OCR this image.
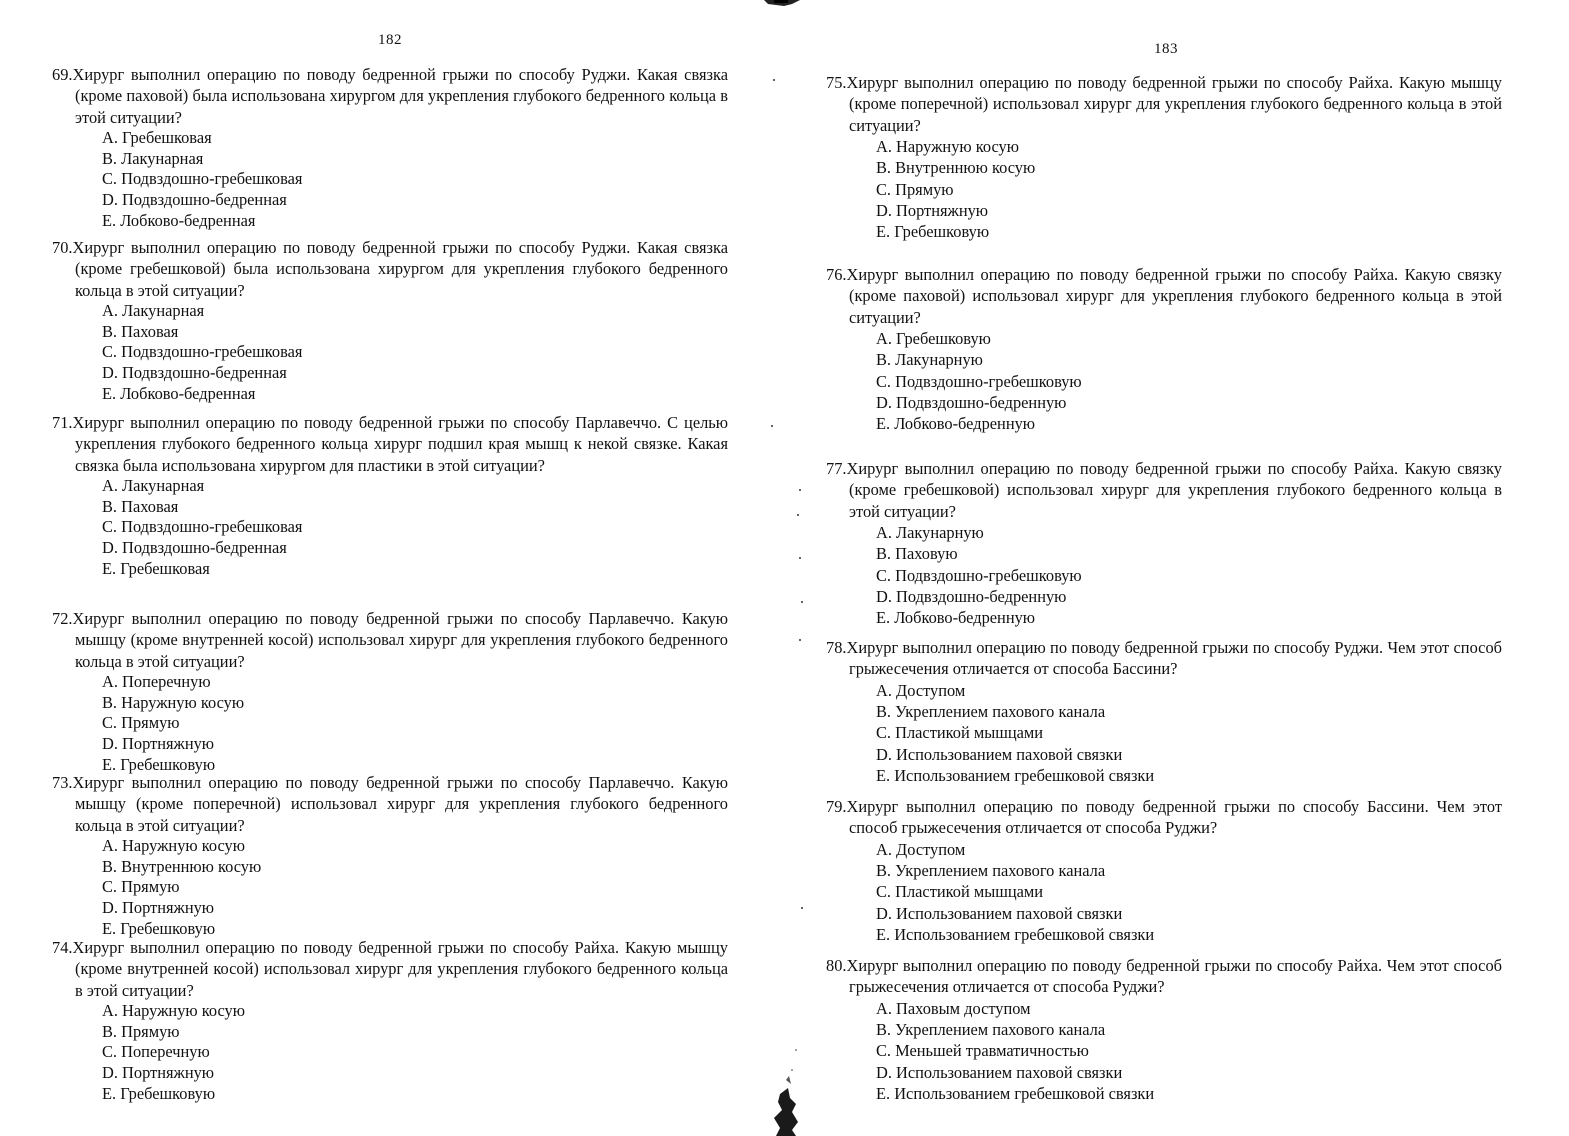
182
69.Хирург выполнил операцию по поводу бедренной грыжи по способу Руджи. Какая связка (кроме паховой) была использована хирургом для укрепления глубокого бедренного кольца в этой ситуации?
A. Гребешковая
B. Лакунарная
C. Подвздошно-гребешковая
D. Подвздошно-бедренная
E. Лобково-бедренная
70.Хирург выполнил операцию по поводу бедренной грыжи по способу Руджи. Какая связка (кроме гребешковой) была использована хирургом для укрепления глубокого бедренного кольца в этой ситуации?
A. Лакунарная
B. Паховая
C. Подвздошно-гребешковая
D. Подвздошно-бедренная
E. Лобково-бедренная
71.Хирург выполнил операцию по поводу бедренной грыжи по способу Парлавеччо. С целью укрепления глубокого бедренного кольца хирург подшил края мышц к некой связке. Какая связка была использована хирургом для пластики в этой ситуации?
A. Лакунарная
B. Паховая
C. Подвздошно-гребешковая
D. Подвздошно-бедренная
E. Гребешковая
72.Хирург выполнил операцию по поводу бедренной грыжи по способу Парлавеччо. Какую мышцу (кроме внутренней косой) использовал хирург для укрепления глубокого бедренного кольца в этой ситуации?
A. Поперечную
B. Наружную косую
C. Прямую
D. Портняжную
E. Гребешковую
73.Хирург выполнил операцию по поводу бедренной грыжи по способу Парлавеччо. Какую мышцу (кроме поперечной) использовал хирург для укрепления глубокого бедренного кольца в этой ситуации?
A. Наружную косую
B. Внутреннюю косую
C. Прямую
D. Портняжную
E. Гребешковую
74.Хирург выполнил операцию по поводу бедренной грыжи по способу Райха. Какую мышцу (кроме внутренней косой) использовал хирург для укрепления глубокого бедренного кольца в этой ситуации?
A. Наружную косую
B. Прямую
C. Поперечную
D. Портняжную
E. Гребешковую
183
75.Хирург выполнил операцию по поводу бедренной грыжи по способу Райха. Какую мышцу (кроме поперечной) использовал хирург для укрепления глубокого бедренного кольца в этой ситуации?
A. Наружную косую
B. Внутреннюю косую
C. Прямую
D. Портняжную
E. Гребешковую
76.Хирург выполнил операцию по поводу бедренной грыжи по способу Райха. Какую связку (кроме паховой) использовал хирург для укрепления глубокого бедренного кольца в этой ситуации?
A. Гребешковую
B. Лакунарную
C. Подвздошно-гребешковую
D. Подвздошно-бедренную
E. Лобково-бедренную
77.Хирург выполнил операцию по поводу бедренной грыжи по способу Райха. Какую связку (кроме гребешковой) использовал хирург для укрепления глубокого бедренного кольца в этой ситуации?
A. Лакунарную
B. Паховую
C. Подвздошно-гребешковую
D. Подвздошно-бедренную
E. Лобково-бедренную
78.Хирург выполнил операцию по поводу бедренной грыжи по способу Руджи. Чем этот способ грыжесечения отличается от способа Бассини?
A. Доступом
B. Укреплением пахового канала
C. Пластикой мышцами
D. Использованием паховой связки
E. Использованием гребешковой связки
79.Хирург выполнил операцию по поводу бедренной грыжи по способу Бассини. Чем этот способ грыжесечения отличается от способа Руджи?
A. Доступом
B. Укреплением пахового канала
C. Пластикой мышцами
D. Использованием паховой связки
E. Использованием гребешковой связки
80.Хирург выполнил операцию по поводу бедренной грыжи по способу Райха. Чем этот способ грыжесечения отличается от способа Руджи?
A. Паховым доступом
B. Укреплением пахового канала
C. Меньшей травматичностью
D. Использованием паховой связки
E. Использованием гребешковой связки
